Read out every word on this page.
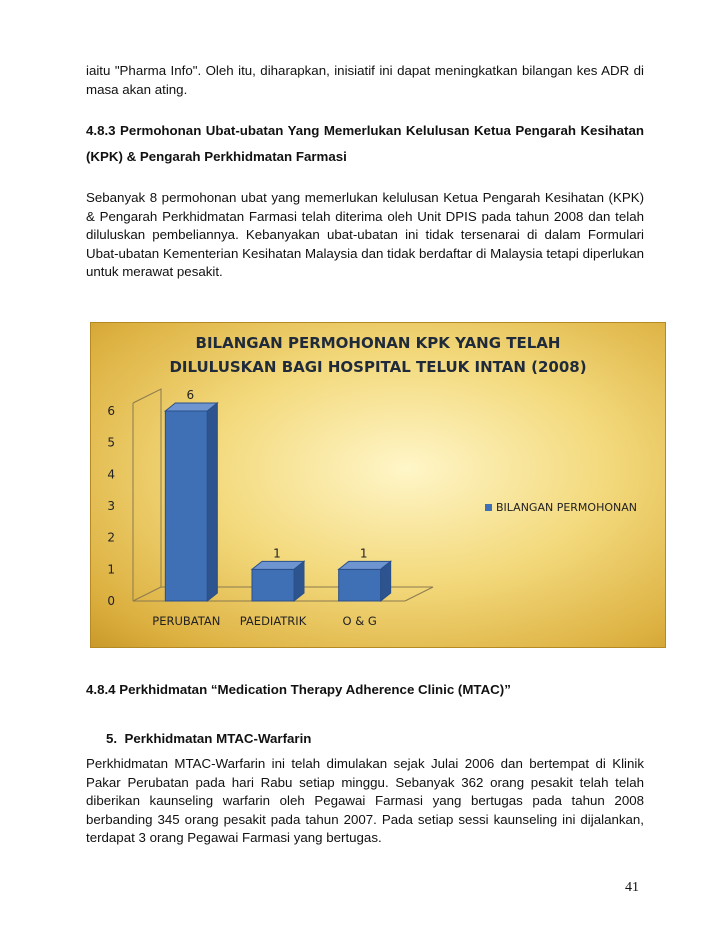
iaitu "Pharma Info". Oleh itu, diharapkan, inisiatif ini dapat meningkatkan bilangan kes ADR di masa akan ating.

4.8.3 Permohonan Ubat-ubatan Yang Memerlukan Kelulusan Ketua Pengarah Kesihatan (KPK) & Pengarah Perkhidmatan Farmasi

Sebanyak 8 permohonan ubat yang memerlukan kelulusan Ketua Pengarah Kesihatan (KPK) & Pengarah Perkhidmatan Farmasi telah diterima oleh Unit DPIS pada tahun 2008 dan telah diluluskan pembeliannya. Kebanyakan ubat-ubatan ini tidak tersenarai di dalam Formulari Ubat-ubatan Kementerian Kesihatan Malaysia dan tidak berdaftar di Malaysia tetapi diperlukan untuk merawat pesakit.

BILANGAN PERMOHONAN KPK YANG TELAH
DILULUSKAN BAGI HOSPITAL TELUK INTAN (2008)
0
1
2
3
4
5
6
6
PERUBATAN
1
PAEDIATRIK
1
O & G
BILANGAN PERMOHONAN

4.8.4 Perkhidmatan “Medication Therapy Adherence Clinic (MTAC)”

5. Perkhidmatan MTAC-Warfarin

Perkhidmatan MTAC-Warfarin ini telah dimulakan sejak Julai 2006 dan bertempat di Klinik Pakar Perubatan pada hari Rabu setiap minggu. Sebanyak 362 orang pesakit telah telah diberikan kaunseling warfarin oleh Pegawai Farmasi yang bertugas pada tahun 2008 berbanding 345 orang pesakit pada tahun 2007. Pada setiap sessi kaunseling ini dijalankan, terdapat 3 orang Pegawai Farmasi yang bertugas.

41
